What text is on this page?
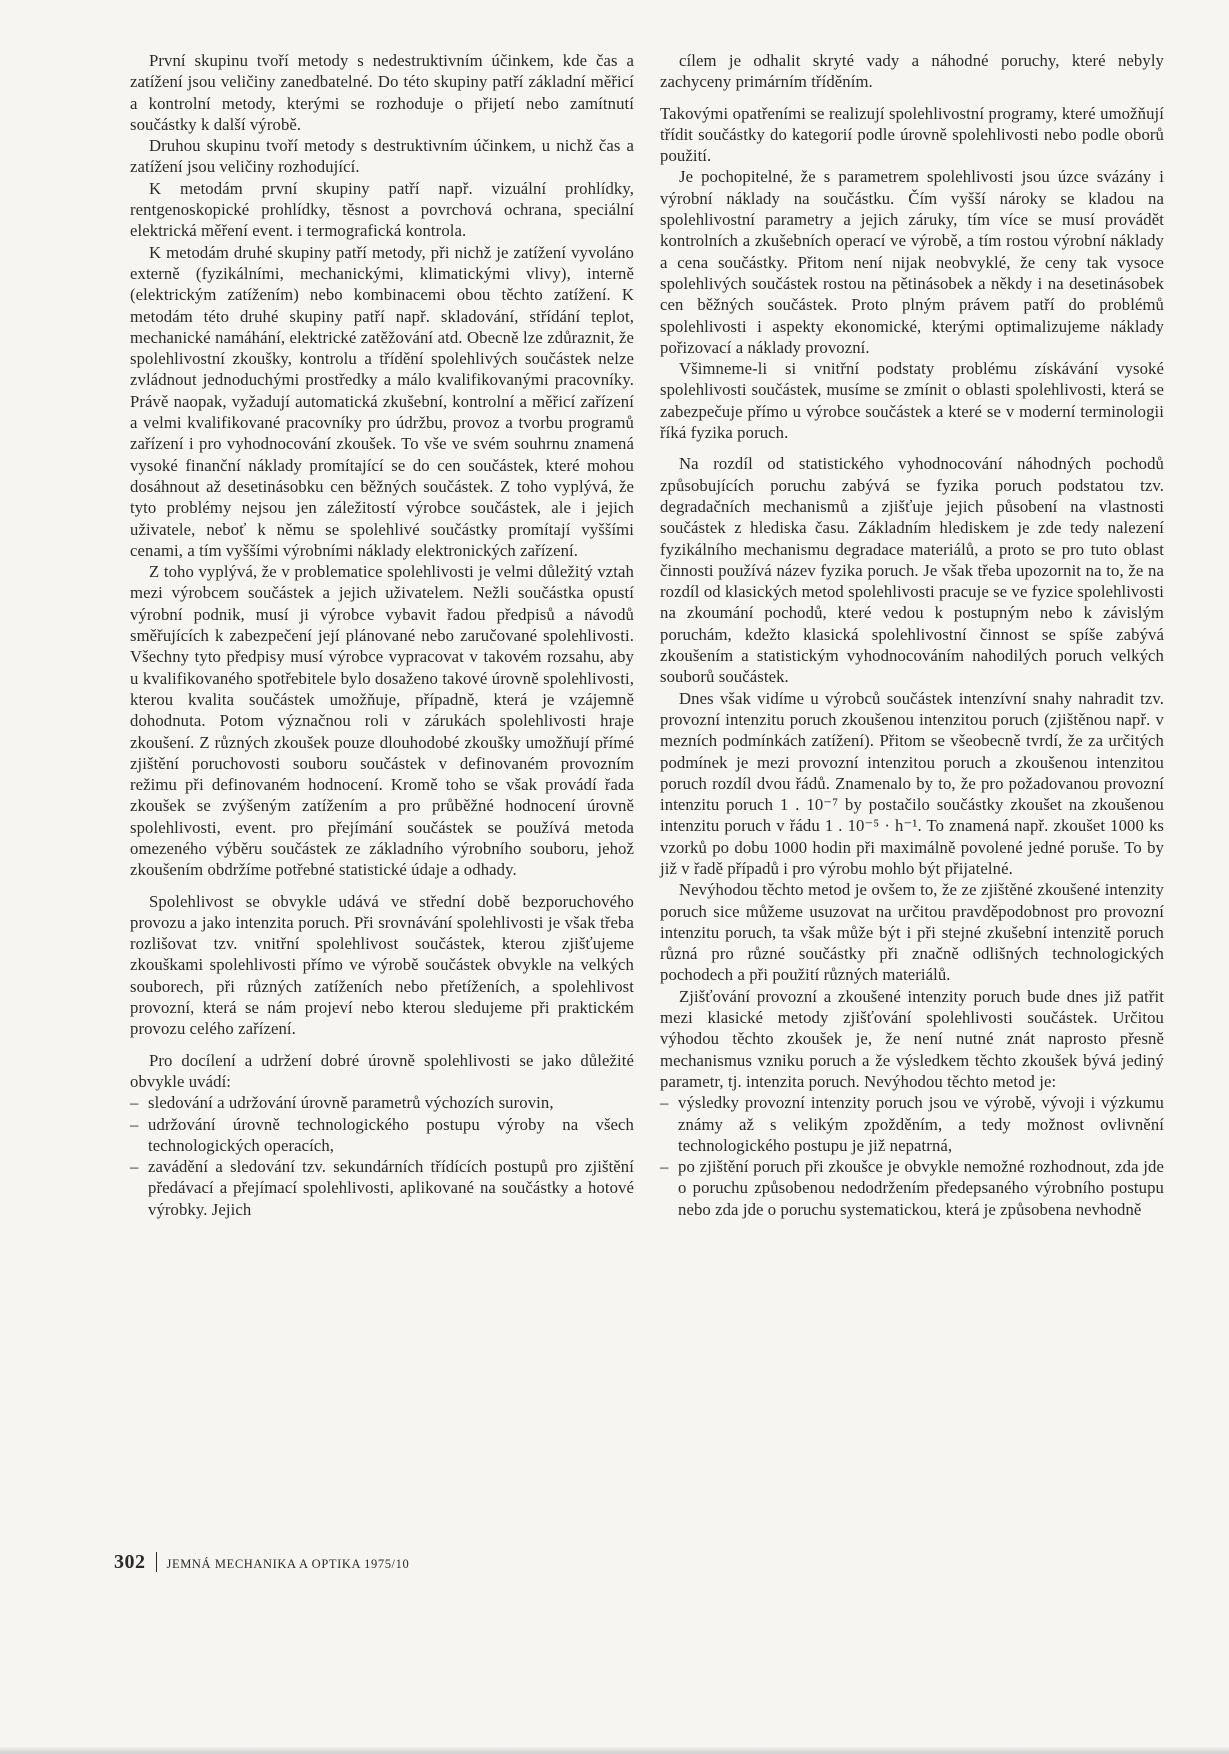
První skupinu tvoří metody s nedestruktivním účinkem, kde čas a zatížení jsou veličiny zanedbatelné. Do této skupiny patří základní měřicí a kontrolní metody, kterými se rozhoduje o přijetí nebo zamítnutí součástky k další výrobě.

Druhou skupinu tvoří metody s destruktivním účinkem, u nichž čas a zatížení jsou veličiny rozhodující.

K metodám první skupiny patří např. vizuální prohlídky, rentgenoskopické prohlídky, těsnost a povrchová ochrana, speciální elektrická měření event. i termografická kontrola.

K metodám druhé skupiny patří metody, při nichž je zatížení vyvoláno externě (fyzikálními, mechanickými, klimatickými vlivy), interně (elektrickým zatížením) nebo kombinacemi obou těchto zatížení. K metodám této druhé skupiny patří např. skladování, střídání teplot, mechanické namáhání, elektrické zatěžování atd. Obecně lze zdůraznit, že spolehlivostní zkoušky, kontrolu a třídění spolehlivých součástek nelze zvládnout jednoduchými prostředky a málo kvalifikovanými pracovníky. Právě naopak, vyžadují automatická zkušební, kontrolní a měřicí zařízení a velmi kvalifikované pracovníky pro údržbu, provoz a tvorbu programů zařízení i pro vyhodnocování zkoušek. To vše ve svém souhrnu znamená vysoké finanční náklady promítající se do cen součástek, které mohou dosáhnout až desetinásobku cen běžných součástek. Z toho vyplývá, že tyto problémy nejsou jen záležitostí výrobce součástek, ale i jejich uživatele, neboť k němu se spolehlivé součástky promítají vyššími cenami, a tím vyššími výrobními náklady elektronických zařízení.

Z toho vyplývá, že v problematice spolehlivosti je velmi důležitý vztah mezi výrobcem součástek a jejich uživatelem. Nežli součástka opustí výrobní podnik, musí ji výrobce vybavit řadou předpisů a návodů směřujících k zabezpečení její plánované nebo zaručované spolehlivosti. Všechny tyto předpisy musí výrobce vypracovat v takovém rozsahu, aby u kvalifikovaného spotřebitele bylo dosaženo takové úrovně spolehlivosti, kterou kvalita součástek umožňuje, případně, která je vzájemně dohodnuta. Potom význačnou roli v zárukách spolehlivosti hraje zkoušení. Z různých zkoušek pouze dlouhodobé zkoušky umožňují přímé zjištění poruchovosti souboru součástek v definovaném provozním režimu při definovaném hodnocení. Kromě toho se však provádí řada zkoušek se zvýšeným zatížením a pro průběžné hodnocení úrovně spolehlivosti, event. pro přejímání součástek se používá metoda omezeného výběru součástek ze základního výrobního souboru, jehož zkoušením obdržíme potřebné statistické údaje a odhady.

Spolehlivost se obvykle udává ve střední době bezporuchového provozu a jako intenzita poruch. Při srovnávání spolehlivosti je však třeba rozlišovat tzv. vnitřní spolehlivost součástek, kterou zjišťujeme zkouškami spolehlivosti přímo ve výrobě součástek obvykle na velkých souborech, při různých zatíženích nebo přetíženích, a spolehlivost provozní, která se nám projeví nebo kterou sledujeme při praktickém provozu celého zařízení.

Pro docílení a udržení dobré úrovně spolehlivosti se jako důležité obvykle uvádí:

– sledování a udržování úrovně parametrů výchozích surovin,
– udržování úrovně technologického postupu výroby na všech technologických operacích,
– zavádění a sledování tzv. sekundárních třídících postupů pro zjištění předávací a přejímací spolehlivosti, aplikované na součástky a hotové výrobky. Jejich

cílem je odhalit skryté vady a náhodné poruchy, které nebyly zachyceny primárním tříděním.

Takovými opatřeními se realizují spolehlivostní programy, které umožňují třídit součástky do kategorií podle úrovně spolehlivosti nebo podle oborů použití.

Je pochopitelné, že s parametrem spolehlivosti jsou úzce svázány i výrobní náklady na součástku. Čím vyšší nároky se kladou na spolehlivostní parametry a jejich záruky, tím více se musí provádět kontrolních a zkušebních operací ve výrobě, a tím rostou výrobní náklady a cena součástky. Přitom není nijak neobvyklé, že ceny tak vysoce spolehlivých součástek rostou na pětinásobek a někdy i na desetinásobek cen běžných součástek. Proto plným právem patří do problémů spolehlivosti i aspekty ekonomické, kterými optimalizujeme náklady pořizovací a náklady provozní.

Všimneme-li si vnitřní podstaty problému získávání vysoké spolehlivosti součástek, musíme se zmínit o oblasti spolehlivosti, která se zabezpečuje přímo u výrobce součástek a které se v moderní terminologii říká fyzika poruch.

Na rozdíl od statistického vyhodnocování náhodných pochodů způsobujících poruchu zabývá se fyzika poruch podstatou tzv. degradačních mechanismů a zjišťuje jejich působení na vlastnosti součástek z hlediska času. Základním hlediskem je zde tedy nalezení fyzikálního mechanismu degradace materiálů, a proto se pro tuto oblast činnosti používá název fyzika poruch. Je však třeba upozornit na to, že na rozdíl od klasických metod spolehlivosti pracuje se ve fyzice spolehlivosti na zkoumání pochodů, které vedou k postupným nebo k závislým poruchám, kdežto klasická spolehlivostní činnost se spíše zabývá zkoušením a statistickým vyhodnocováním nahodilých poruch velkých souborů součástek.

Dnes však vidíme u výrobců součástek intenzívní snahy nahradit tzv. provozní intenzitu poruch zkoušenou intenzitou poruch (zjištěnou např. v mezních podmínkách zatížení). Přitom se všeobecně tvrdí, že za určitých podmínek je mezi provozní intenzitou poruch a zkoušenou intenzitou poruch rozdíl dvou řádů. Znamenalo by to, že pro požadovanou provozní intenzitu poruch 1 . 10⁻⁷ by postačilo součástky zkoušet na zkoušenou intenzitu poruch v řádu 1 . 10⁻⁵ · h⁻¹. To znamená např. zkoušet 1000 ks vzorků po dobu 1000 hodin při maximálně povolené jedné poruše. To by již v řadě případů i pro výrobu mohlo být přijatelné.

Nevýhodou těchto metod je ovšem to, že ze zjištěné zkoušené intenzity poruch sice můžeme usuzovat na určitou pravděpodobnost pro provozní intenzitu poruch, ta však může být i při stejné zkušební intenzitě poruch různá pro různé součástky při značně odlišných technologických pochodech a při použití různých materiálů.

Zjišťování provozní a zkoušené intenzity poruch bude dnes již patřit mezi klasické metody zjišťování spolehlivosti součástek. Určitou výhodou těchto zkoušek je, že není nutné znát naprosto přesně mechanismus vzniku poruch a že výsledkem těchto zkoušek bývá jediný parametr, tj. intenzita poruch. Nevýhodou těchto metod je:

– výsledky provozní intenzity poruch jsou ve výrobě, vývoji i výzkumu známy až s velikým zpožděním, a tedy možnost ovlivnění technologického postupu je již nepatrná,
– po zjištění poruch při zkoušce je obvykle nemožné rozhodnout, zda jde o poruchu způsobenou nedodržením předepsaného výrobního postupu nebo zda jde o poruchu systematickou, která je způsobena nevhodně
302 JEMNÁ MECHANIKA A OPTIKA 1975/10
